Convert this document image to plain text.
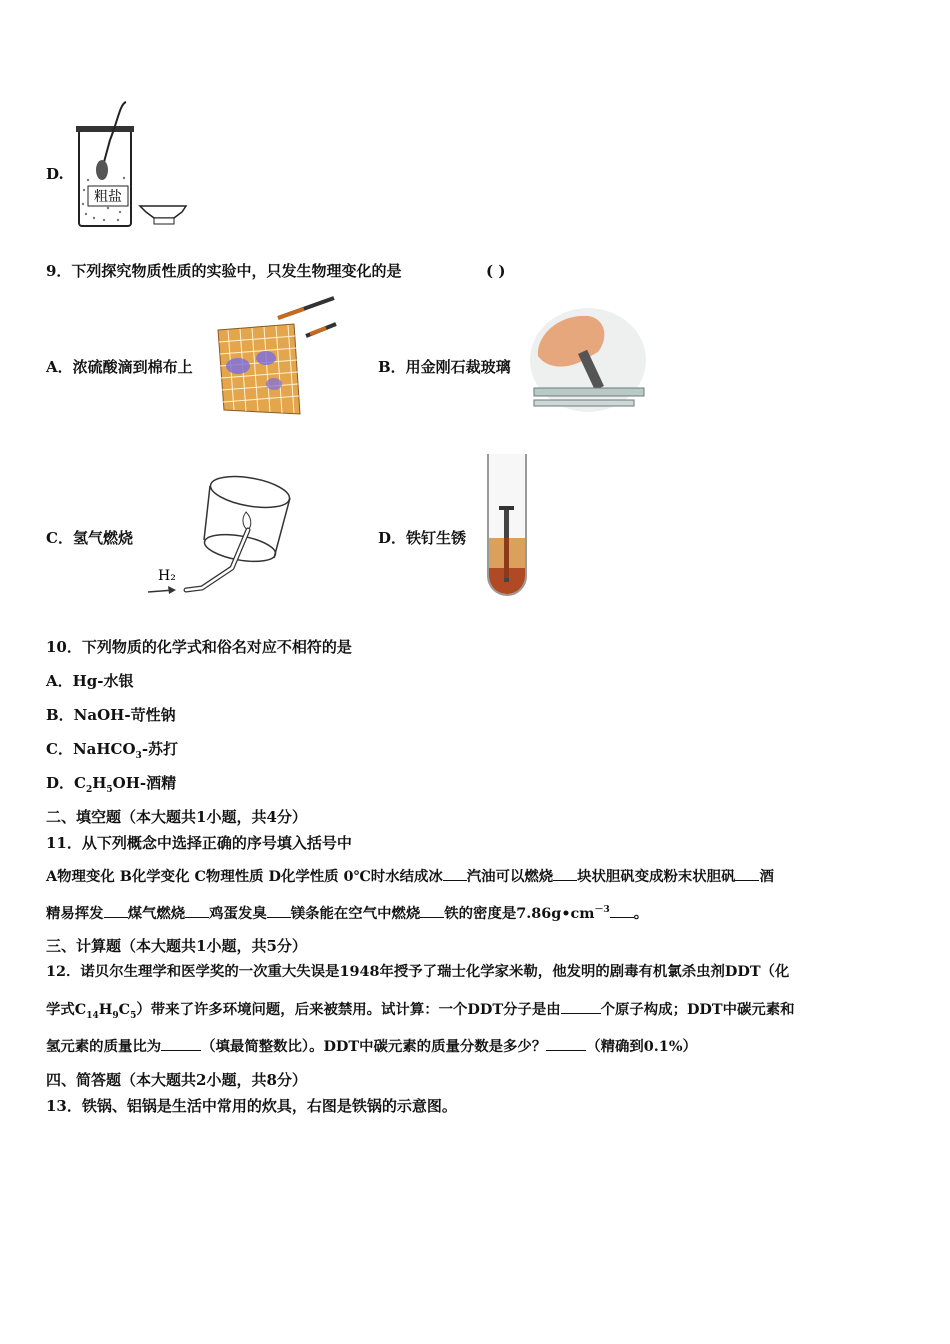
D.
粗盐
9．下列探究物质性质的实验中，只发生物理变化的是	( )
A．浓硫酸滴到棉布上	B．用金刚石裁玻璃
C．氢气燃烧
H₂
D．铁钉生锈
10．下列物质的化学式和俗名对应不相符的是
A．Hg-水银
B．NaOH-苛性钠
C．NaHCO$_3$-苏打
D．$C_2H_5OH-$酒精
二、填空题（本大题共1小题，共4分）
11．从下列概念中选择正确的序号填入括号中
A物理变化 B化学变化 C物理性质 D化学性质 0℃时水结成冰 汽油可以燃烧 块状胆矾变成粉末状胆矾 酒
精易挥发 煤气燃烧 鸡蛋发臭 镁条能在空气中燃烧 铁的密度是$7.86g•cm^{-3}$ 。
三、计算题（本大题共1小题，共5分）
12．诺贝尔生理学和医学奖的一次重大失误是1948年授予了瑞士化学家米勒，他发明的剧毒有机氯杀虫剂DDT（化
学式$C_{14}H_9C_5$）带来了许多环境问题，后来被禁用。试计算：一个DDT分子是由	个原子构成；DDT中碳元素和
氢元素的质量比为	（填最简整数比）。DDT中碳元素的质量分数是多少？	（精确到0.1%）
四、简答题（本大题共2小题，共8分）
13．铁锅、铝锅是生活中常用的炊具，右图是铁锅的示意图。
